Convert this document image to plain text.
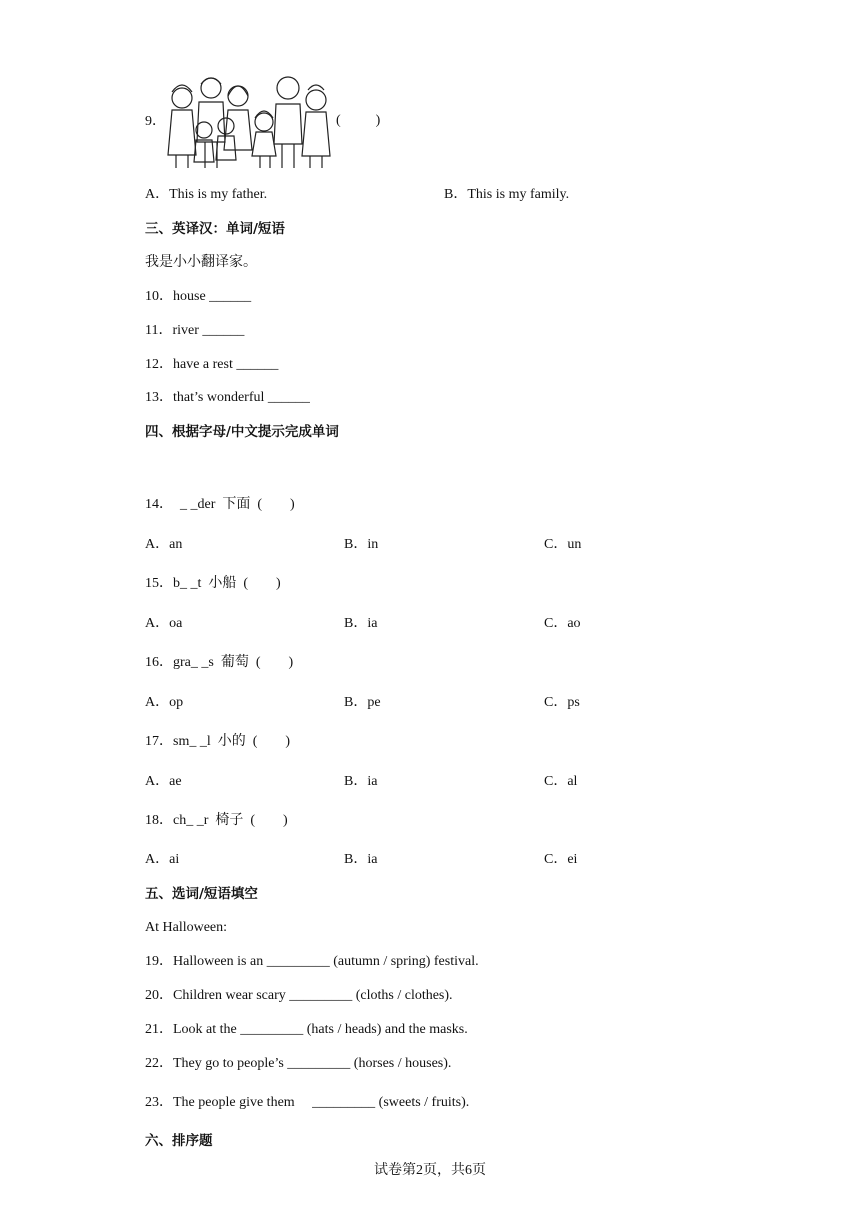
9．	(          )
A．This is my father.	B．This is my family.
三、英译汉：单词/短语
我是小小翻译家。
10．house ______
11．river ______
12．have a rest ______
13．that’s wonderful ______
四、根据字母/中文提示完成单词
14．  _ _der  下面  (        )
A．an	B．in	C．un
15．b_ _t  小船  (        )
A．oa	B．ia	C．ao
16．gra_ _s  葡萄  (        )
A．op	B．pe	C．ps
17．sm_ _l  小的  (        )
A．ae	B．ia	C．al
18．ch_ _r  椅子  (        )
A．ai	B．ia	C．ei
五、选词/短语填空
At Halloween:
19．Halloween is an _________ (autumn / spring) festival.
20．Children wear scary _________ (cloths / clothes).
21．Look at the _________ (hats / heads) and the masks.
22．They go to people’s _________ (horses / houses).
23．The people give them     _________ (sweets / fruits).
六、排序题
试卷第2页，共6页
